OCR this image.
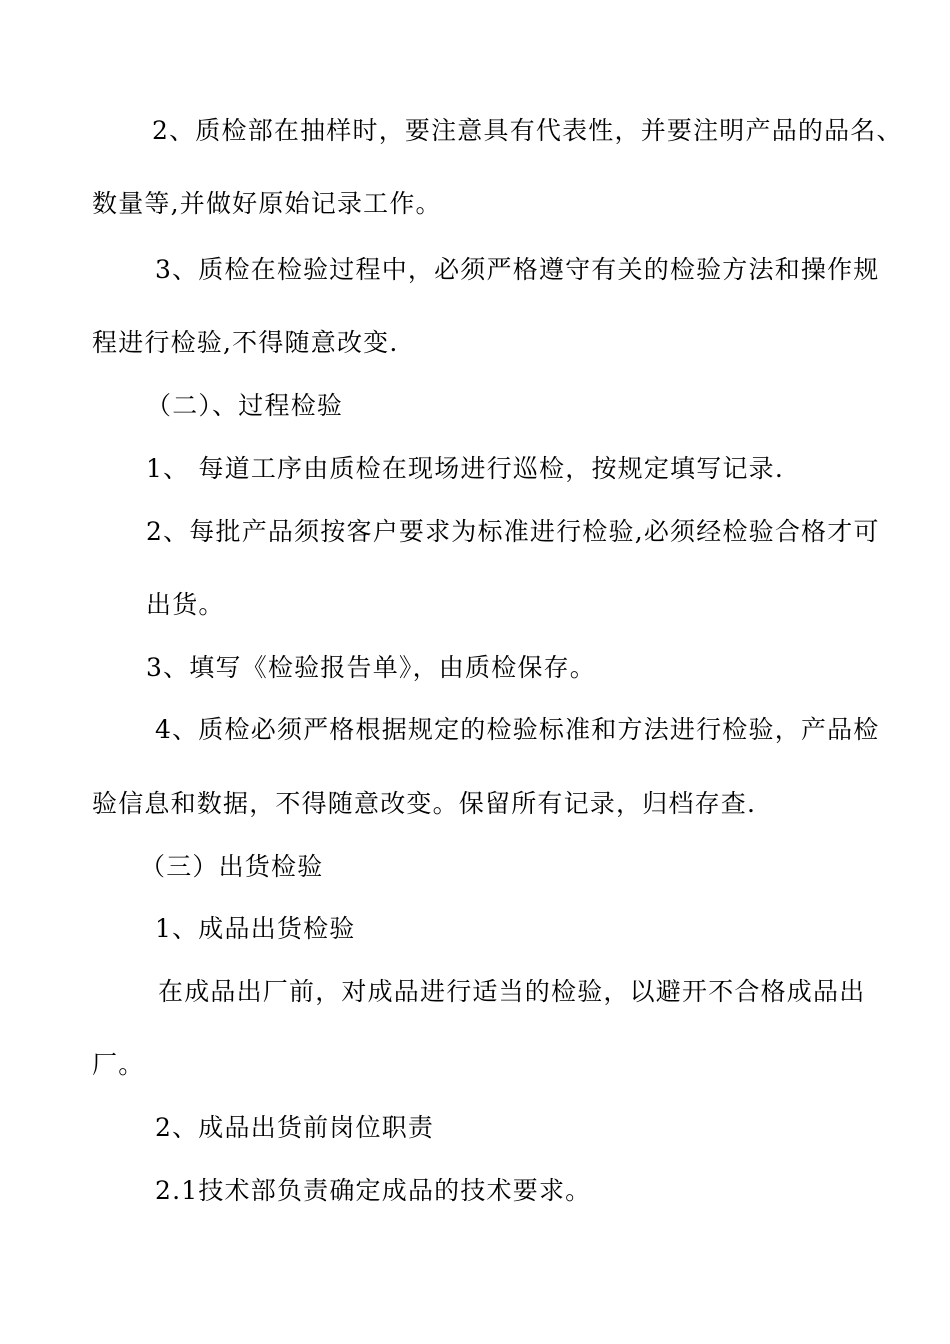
2、质检部在抽样时，要注意具有代表性，并要注明产品的品名、
数量等,并做好原始记录工作。
3、质检在检验过程中，必须严格遵守有关的检验方法和操作规
程进行检验,不得随意改变.
（二）、过程检验
1、 每道工序由质检在现场进行巡检，按规定填写记录.
2、每批产品须按客户要求为标准进行检验,必须经检验合格才可
出货。
3、填写《检验报告单》，由质检保存。
4、质检必须严格根据规定的检验标准和方法进行检验，产品检
验信息和数据，不得随意改变。保留所有记录，归档存查.
（三）出货检验
1、成品出货检验
在成品出厂前，对成品进行适当的检验，以避开不合格成品出
厂。
2、成品出货前岗位职责
2.1技术部负责确定成品的技术要求。
